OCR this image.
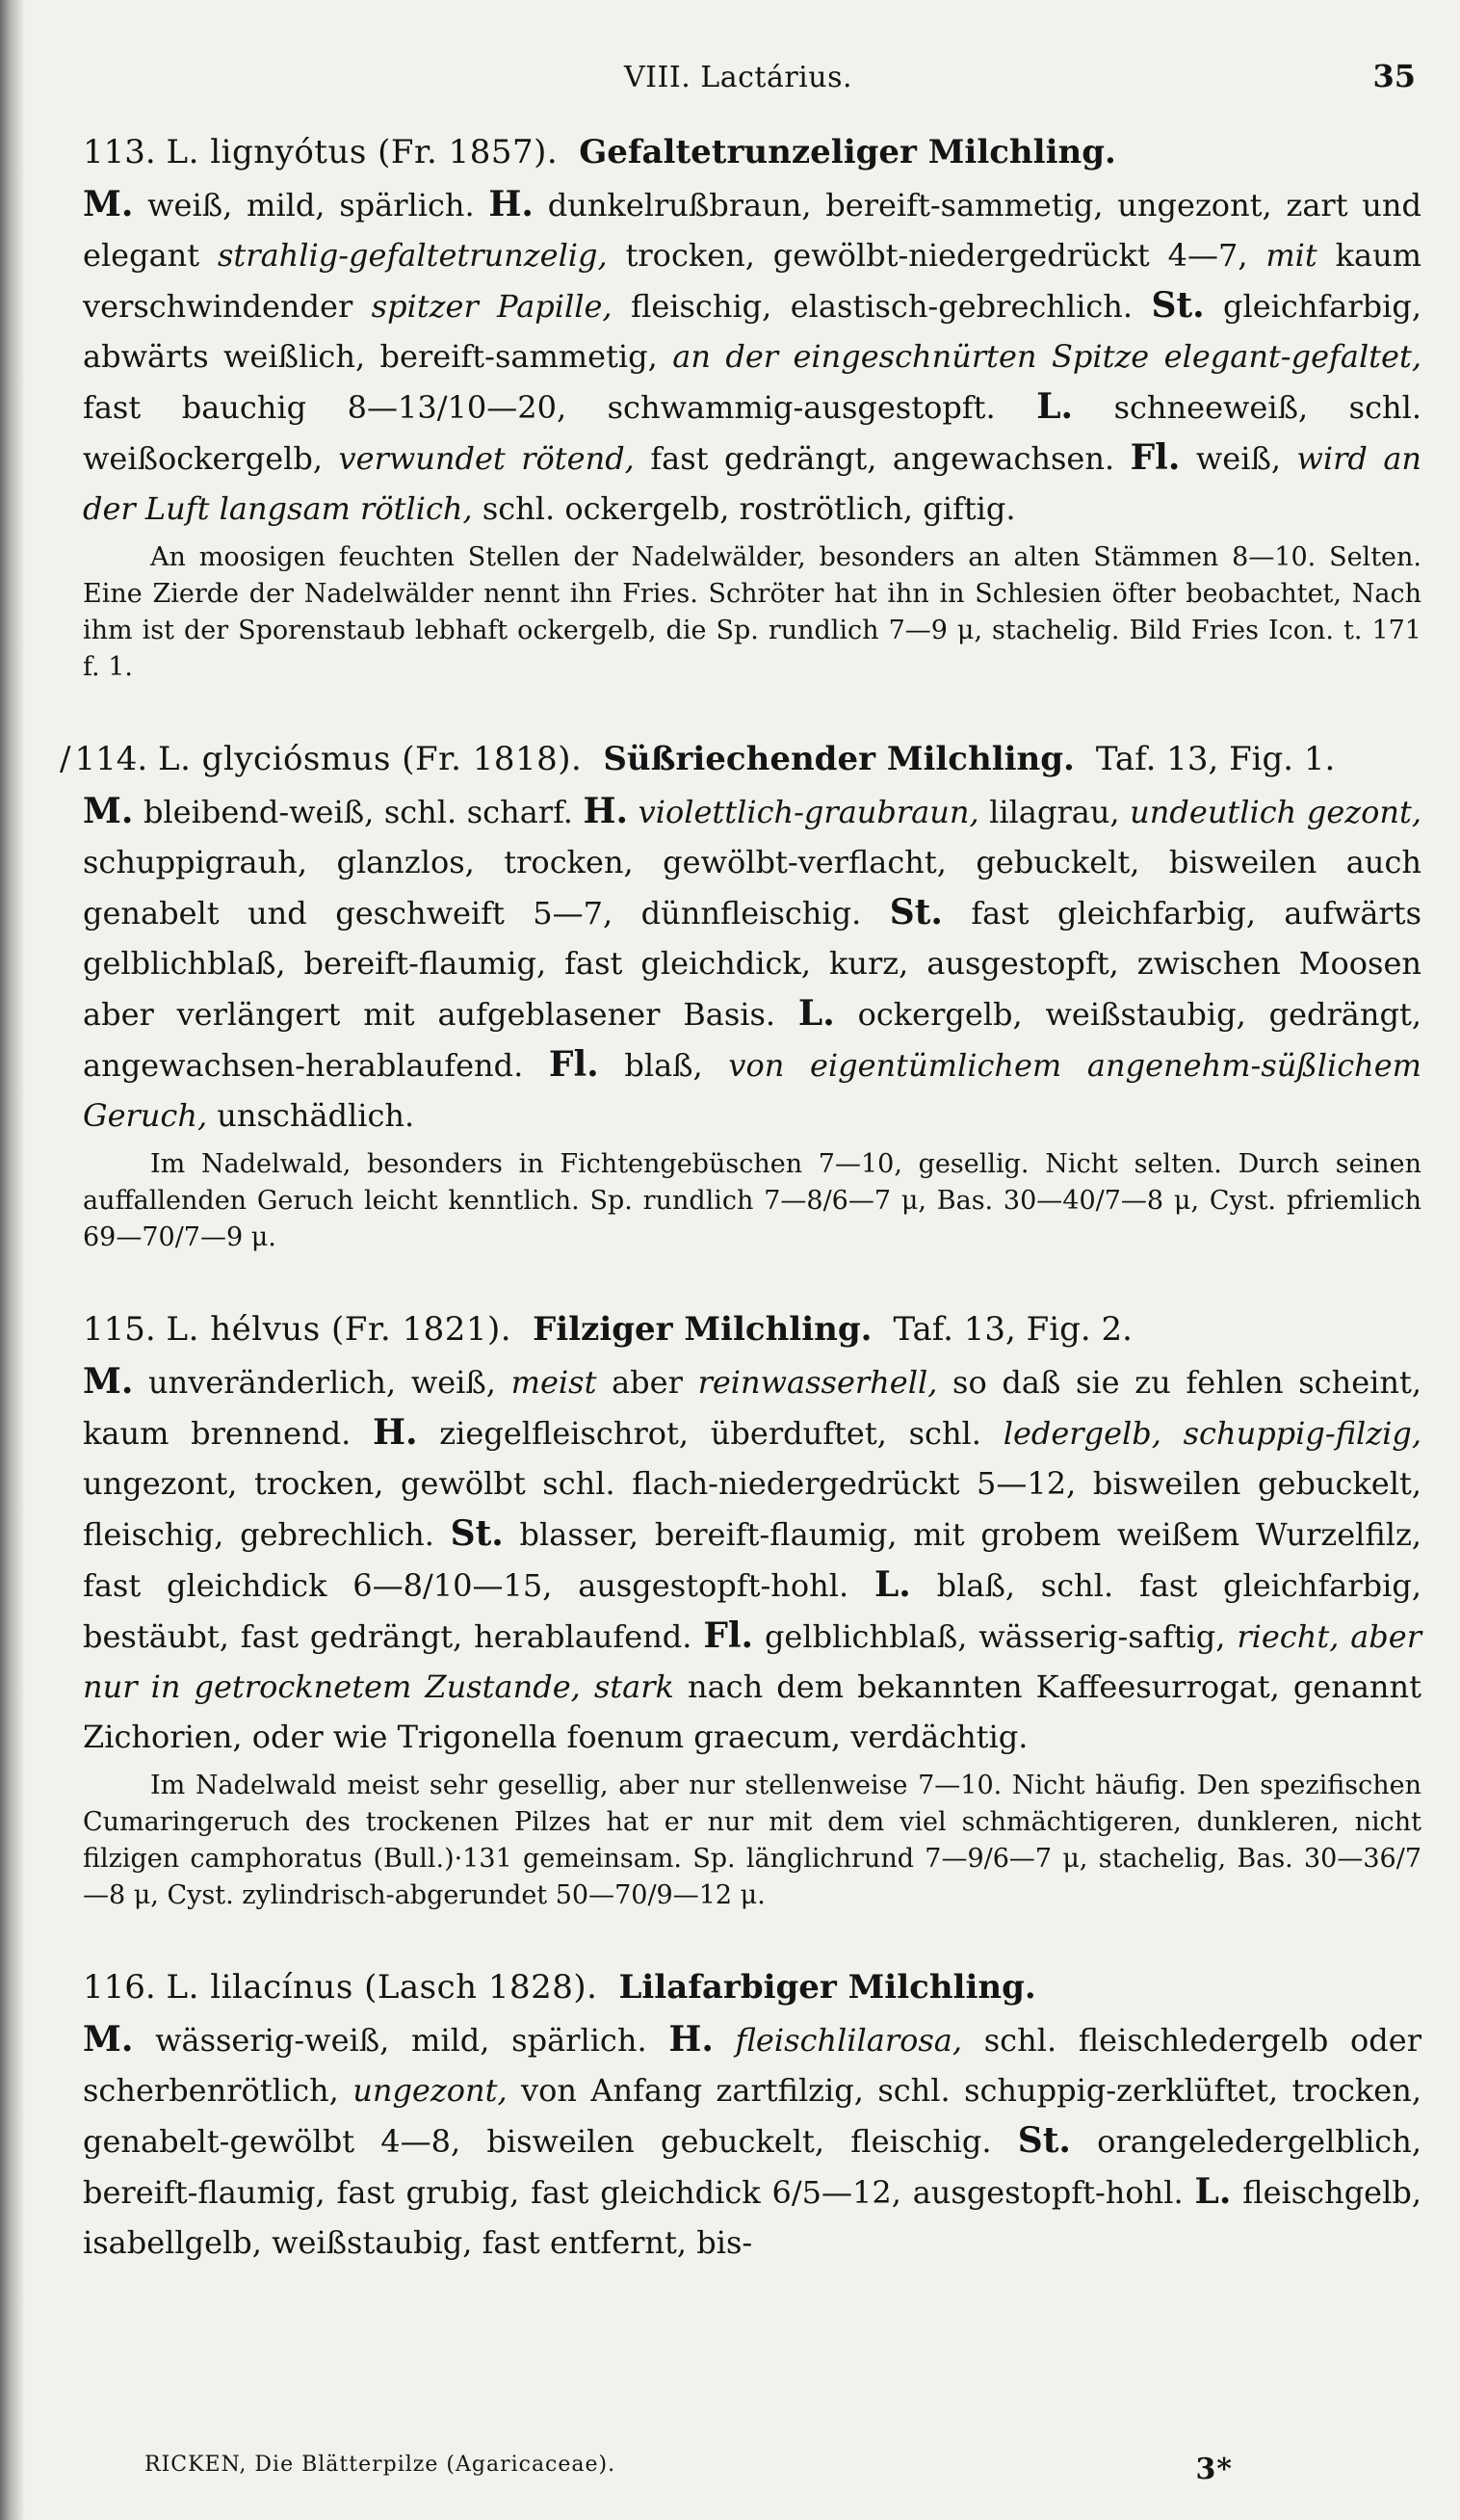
VIII. Lactárius.	35
113. L. lignyótus (Fr. 1857). Gefaltetrunzeliger Milchling.
M. weiß, mild, spärlich. H. dunkelrußbraun, bereift-sammetig, ungezont, zart und elegant strahlig-gefaltetrunzelig, trocken, gewölbt-niedergedrückt 4—7, mit kaum verschwindender spitzer Papille, fleischig, elastisch-gebrechlich. St. gleichfarbig, abwärts weißlich, bereift-sammetig, an der eingeschnürten Spitze elegant-gefaltet, fast bauchig 8—13/10—20, schwammig-ausgestopft. L. schneeweiß, schl. weißockergelb, verwundet rötend, fast gedrängt, angewachsen. Fl. weiß, wird an der Luft langsam rötlich, schl. ockergelb, roströtlich, giftig.
An moosigen feuchten Stellen der Nadelwälder, besonders an alten Stämmen 8—10. Selten. Eine Zierde der Nadelwälder nennt ihn Fries. Schröter hat ihn in Schlesien öfter beobachtet, Nach ihm ist der Sporenstaub lebhaft ockergelb, die Sp. rundlich 7—9 μ, stachelig. Bild Fries Icon. t. 171 f. 1.
/ 114. L. glyciósmus (Fr. 1818). Süßriechender Milchling. Taf. 13, Fig. 1.
M. bleibend-weiß, schl. scharf. H. violettlich-graubraun, lilagrau, undeutlich gezont, schuppigrauh, glanzlos, trocken, gewölbt-verflacht, gebuckelt, bisweilen auch genabelt und geschweift 5—7, dünnfleischig. St. fast gleichfarbig, aufwärts gelblichblaß, bereift-flaumig, fast gleichdick, kurz, ausgestopft, zwischen Moosen aber verlängert mit aufgeblasener Basis. L. ockergelb, weißstaubig, gedrängt, angewachsen-herablaufend. Fl. blaß, von eigentümlichem angenehm-süßlichem Geruch, unschädlich.
Im Nadelwald, besonders in Fichtengebüschen 7—10, gesellig. Nicht selten. Durch seinen auffallenden Geruch leicht kenntlich. Sp. rundlich 7—8/6—7 μ, Bas. 30—40/7—8 μ, Cyst. pfriemlich 69—70/7—9 μ.
115. L. hélvus (Fr. 1821). Filziger Milchling. Taf. 13, Fig. 2.
M. unveränderlich, weiß, meist aber reinwasserhell, so daß sie zu fehlen scheint, kaum brennend. H. ziegelfleischrot, überduftet, schl. ledergelb, schuppig-filzig, ungezont, trocken, gewölbt schl. flach-niedergedrückt 5—12, bisweilen gebuckelt, fleischig, gebrechlich. St. blasser, bereift-flaumig, mit grobem weißem Wurzelfilz, fast gleichdick 6—8/10—15, ausgestopft-hohl. L. blaß, schl. fast gleichfarbig, bestäubt, fast gedrängt, herablaufend. Fl. gelblichblaß, wässerig-saftig, riecht, aber nur in getrocknetem Zustande, stark nach dem bekannten Kaffeesurrogat, genannt Zichorien, oder wie Trigonella foenum graecum, verdächtig.
Im Nadelwald meist sehr gesellig, aber nur stellenweise 7—10. Nicht häufig. Den spezifischen Cumaringeruch des trockenen Pilzes hat er nur mit dem viel schmächtigeren, dunkleren, nicht filzigen camphoratus (Bull.)·131 gemeinsam. Sp. länglichrund 7—9/6—7 μ, stachelig, Bas. 30—36/7—8 μ, Cyst. zylindrisch-abgerundet 50—70/9—12 μ.
116. L. lilacínus (Lasch 1828). Lilafarbiger Milchling.
M. wässerig-weiß, mild, spärlich. H. fleischlilarosa, schl. fleischledergelb oder scherbenrötlich, ungezont, von Anfang zartfilzig, schl. schuppig-zerklüftet, trocken, genabelt-gewölbt 4—8, bisweilen gebuckelt, fleischig. St. orangeledergelblich, bereift-flaumig, fast grubig, fast gleichdick 6/5—12, ausgestopft-hohl. L. fleischgelb, isabellgelb, weißstaubig, fast entfernt, bis-
RICKEN, Die Blätterpilze (Agaricaceae).	3*
